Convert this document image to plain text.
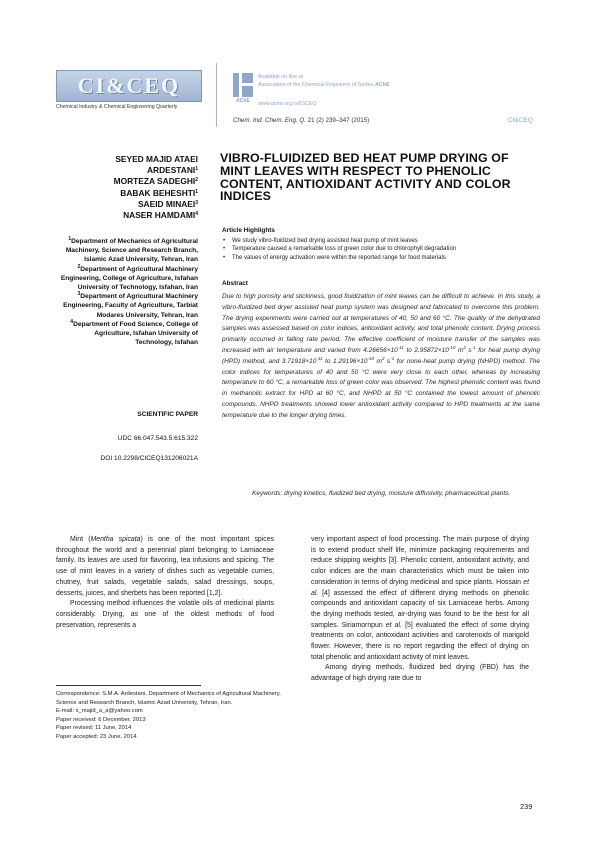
CI&CEQ
Chemical Industry & Chemical Engineering Quarterly
AChE
Available on line at
Association of the Chemical Engineers of Serbia AChE
www.ache.org.rs/CICEQ
Chem. Ind. Chem. Eng. Q. 21 (2) 239–347 (2015)	CI&CEQ
SEYED MAJID ATAEI
ARDESTANI$^1$
MORTEZA SADEGHI$^2$
BABAK BEHESHTI$^1$
SAEID MINAEI$^3$
NASER HAMDAMI$^4$
$^1$Department of Mechanics of Agricultural Machinery, Science and Research Branch, Islamic Azad University, Tehran, Iran
$^2$Department of Agricultural Machinery Engineering, College of Agriculture, Isfahan University of Technology, Isfahan, Iran
$^3$Department of Agricultural Machinery Engineering, Faculty of Agriculture, Tarbiat Modares University, Tehran, Iran
$^4$Department of Food Science, College of Agriculture, Isfahan University of Technology, Isfahan
SCIENTIFIC PAPER
UDC 66.047.543.5:615.322
DOI 10.2298/CICEQ131206021A
VIBRO-FLUIDIZED BED HEAT PUMP DRYING OF MINT LEAVES WITH RESPECT TO PHENOLIC CONTENT, ANTIOXIDANT ACTIVITY AND COLOR INDICES
Article Highlights
• We study vibro-fluidized bed drying assisted heat pump of mint leaves
• Temperature caused a remarkable loss of green color due to chlorophyll degradation
• The values of energy activation were within the reported range for food materials
Abstract
Due to high porosity and stickiness, good fluidization of mint leaves can be difficult to achieve. In this study, a vibro-fluidized bed dryer assisted heat pump system was designed and fabricated to overcome this problem. The drying experiments were carried out at temperatures of 40, 50 and 60 °C. The quality of the dehydrated samples was assessed based on color indices, antioxidant activity, and total phenolic content. Drying process primarily occurred in falling rate period. The effective coefficient of moisture transfer of the samples was increased with air temperature and varied from $4.26656\times 10^{-11}$ to $2.95872\times 10^{-10}$ $m^2$ $s^{-1}$ for heat pump drying (HPD) method, and $3.71918\times 10^{-11}$ to $1.29196\times 10^{-10}$ $m^2$ $s^{-1}$ for none-heat pump drying (NHPD) method. The color indices for temperatures of 40 and 50 °C were very close to each other, whereas by increasing temperature to 60 °C, a remarkable loss of green color was observed. The highest phenolic content was found in methanolic extract for HPD at 60 °C, and NHPD at 50 °C contained the lowest amount of phenolic compounds. NHPD treatments showed lower antioxidant activity compared to HPD treatments at the same temperature due to the longer drying times.
Keywords: drying kinetics, fluidized bed drying, moisture diffusivity, pharmaceutical plants.

Mint (Mentha spicata) is one of the most important spices throughout the world and a perennial plant belonging to Lamiaceae family. Its leaves are used for flavoring, tea infusions and spicing. The use of mint leaves in a variety of dishes such as vegetable curries, chutney, fruit salads, vegetable salads, salad dressings, soups, desserts, juices, and sherbets has been reported [1,2].

Processing method influences the volatile oils of medicinal plants considerably. Drying, as one of the oldest methods of food preservation, represents a

very important aspect of food processing. The main purpose of drying is to extend product shelf life, minimize packaging requirements and reduce shipping weights [3]. Phenolic content, antioxidant activity, and color indices are the main characteristics which must be taken into consideration in terms of drying medicinal and spice plants. Hossain et al. [4] assessed the effect of different drying methods on phenolic compounds and antioxidant capacity of six Lamiaceae herbs. Among the drying methods tested, air-drying was found to be the best for all samples. Siriamornpun et al. [5] evaluated the effect of some drying treatments on color, antioxidant activities and carotenoids of marigold flower. However, there is no report regarding the effect of drying on total phenolic and antioxidant activity of mint leaves.

Among drying methods, fluidized bed drying (FBD) has the advantage of high drying rate due to

Correspondence: S.M.A. Ardestani, Department of Mechanics of Agricultural Machinery, Science and Research Branch, Islamic Azad University, Tehran, Iran.
E-mail: s_majid_a_a@yahoo.com
Paper received: 6 December, 2013
Paper revised: 11 June, 2014
Paper accepted: 23 June, 2014
239
